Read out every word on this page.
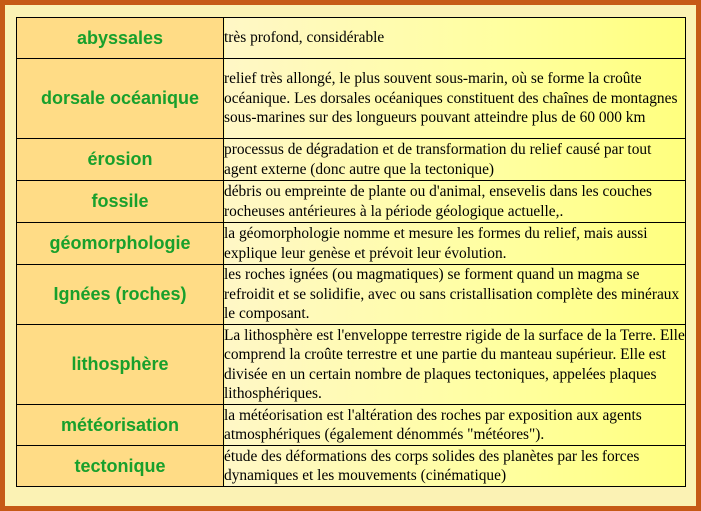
abyssales	très profond, considérable
dorsale océanique	relief très allongé, le plus souvent sous-marin, où se forme la croûte océanique. Les dorsales océaniques constituent des chaînes de montagnes sous-marines sur des longueurs pouvant atteindre plus de 60 000 km
érosion	processus de dégradation et de transformation du relief causé par tout agent externe (donc autre que la tectonique)
fossile	débris ou empreinte de plante ou d'animal, ensevelis dans les couches rocheuses antérieures à la période géologique actuelle,.
géomorphologie	la géomorphologie nomme et mesure les formes du relief, mais aussi explique leur genèse et prévoit leur évolution.
Ignées (roches)	les roches ignées (ou magmatiques) se forment quand un magma se refroidit et se solidifie, avec ou sans cristallisation complète des minéraux le composant.
lithosphère	La lithosphère est l'enveloppe terrestre rigide de la surface de la Terre. Elle comprend la croûte terrestre et une partie du manteau supérieur. Elle est divisée en un certain nombre de plaques tectoniques, appelées plaques lithosphériques.
météorisation	la météorisation est l'altération des roches par exposition aux agents atmosphériques (également dénommés "météores").
tectonique	étude des déformations des corps solides des planètes par les forces dynamiques et les mouvements (cinématique)
